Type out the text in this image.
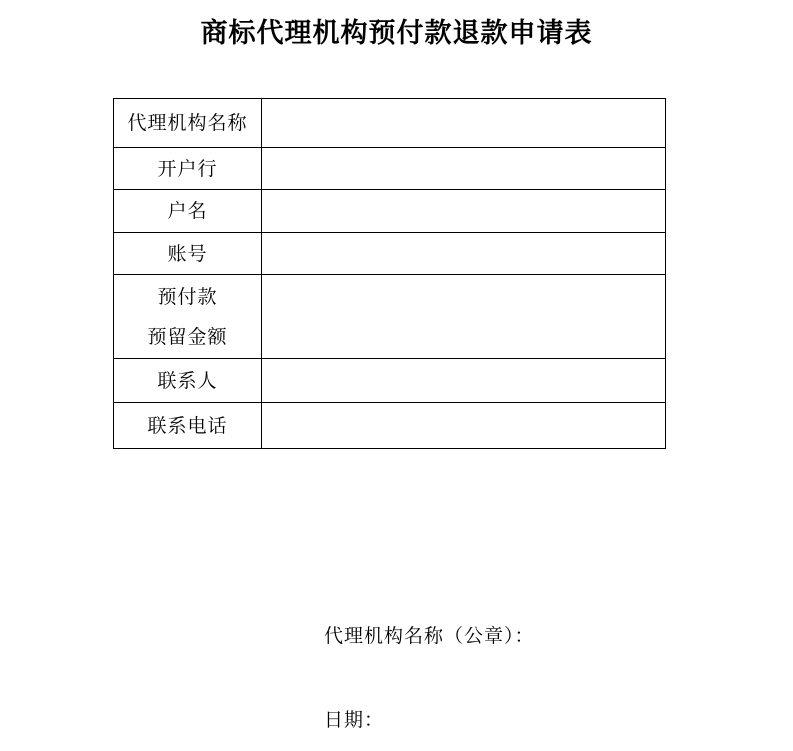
商标代理机构预付款退款申请表
代理机构名称	

开户行	

户名	

账号	

预付款
预留金额	

联系人	

联系电话	

代理机构名称（公章）：
日期：
